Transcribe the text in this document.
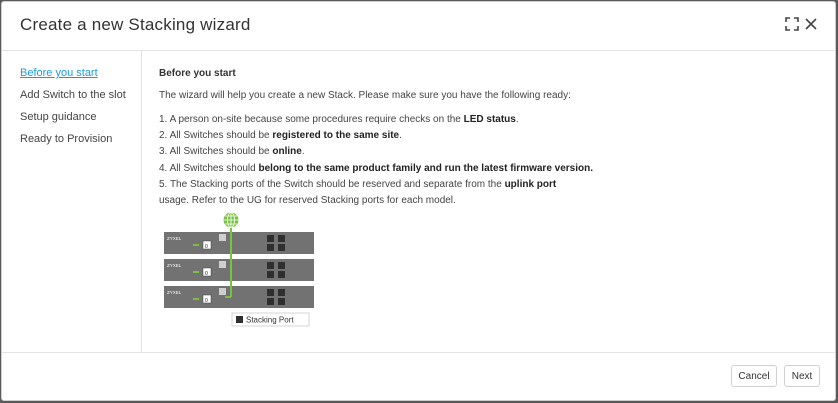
Create a new Stacking wizard
Before you start
Add Switch to the slot
Setup guidance
Ready to Provision
Before you start
The wizard will help you create a new Stack. Please make sure you have the following ready:
1. A person on-site because some procedures require checks on the LED status.
2. All Switches should be registered to the same site.
3. All Switches should be online.
4. All Switches should belong to the same product family and run the latest firmware version.
5. The Stacking ports of the Switch should be reserved and separate from the uplink port
usage. Refer to the UG for reserved Stacking ports for each model.
ZYXEL
0
ZYXEL
0
ZYXEL
0
Stacking Port
Cancel	Next
